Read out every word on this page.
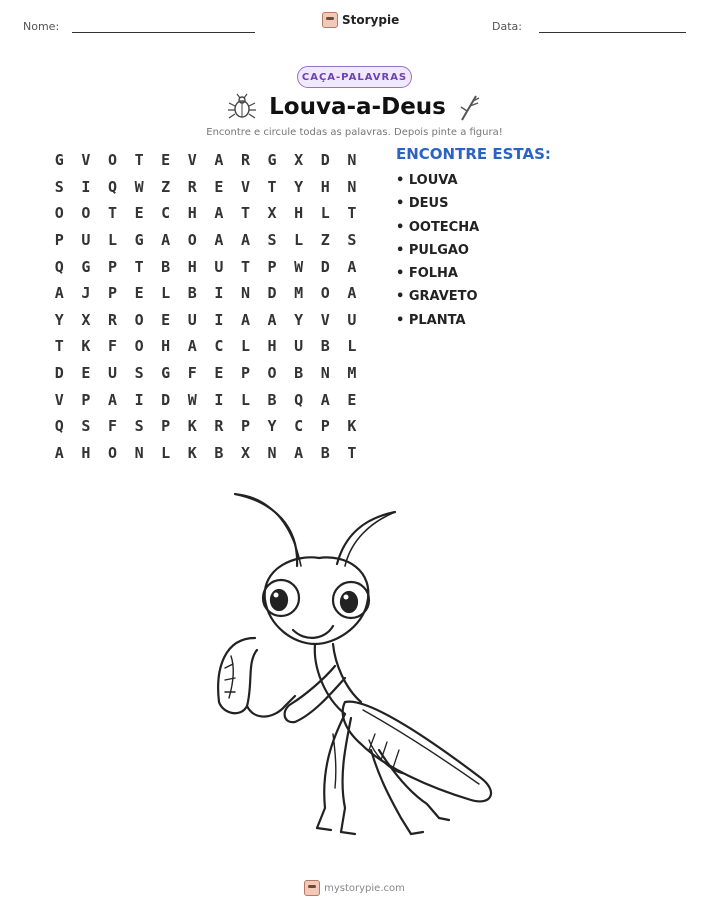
Nome:	Storypie	Data:
CAÇA-PALAVRAS
Louva-a-Deus
Encontre e circule todas as palavras. Depois pinte a figura!
G	V	O	T	E	V	A	R	G	X	D	N
S	I	Q	W	Z	R	E	V	T	Y	H	N
O	O	T	E	C	H	A	T	X	H	L	T
P	U	L	G	A	O	A	A	S	L	Z	S
Q	G	P	T	B	H	U	T	P	W	D	A
A	J	P	E	L	B	I	N	D	M	O	A
Y	X	R	O	E	U	I	A	A	Y	V	U
T	K	F	O	H	A	C	L	H	U	B	L
D	E	U	S	G	F	E	P	O	B	N	M
V	P	A	I	D	W	I	L	B	Q	A	E
Q	S	F	S	P	K	R	P	Y	C	P	K
A	H	O	N	L	K	B	X	N	A	B	T
ENCONTRE ESTAS:
• LOUVA
• DEUS
• OOTECHA
• PULGAO
• FOLHA
• GRAVETO
• PLANTA
mystorypie.com
